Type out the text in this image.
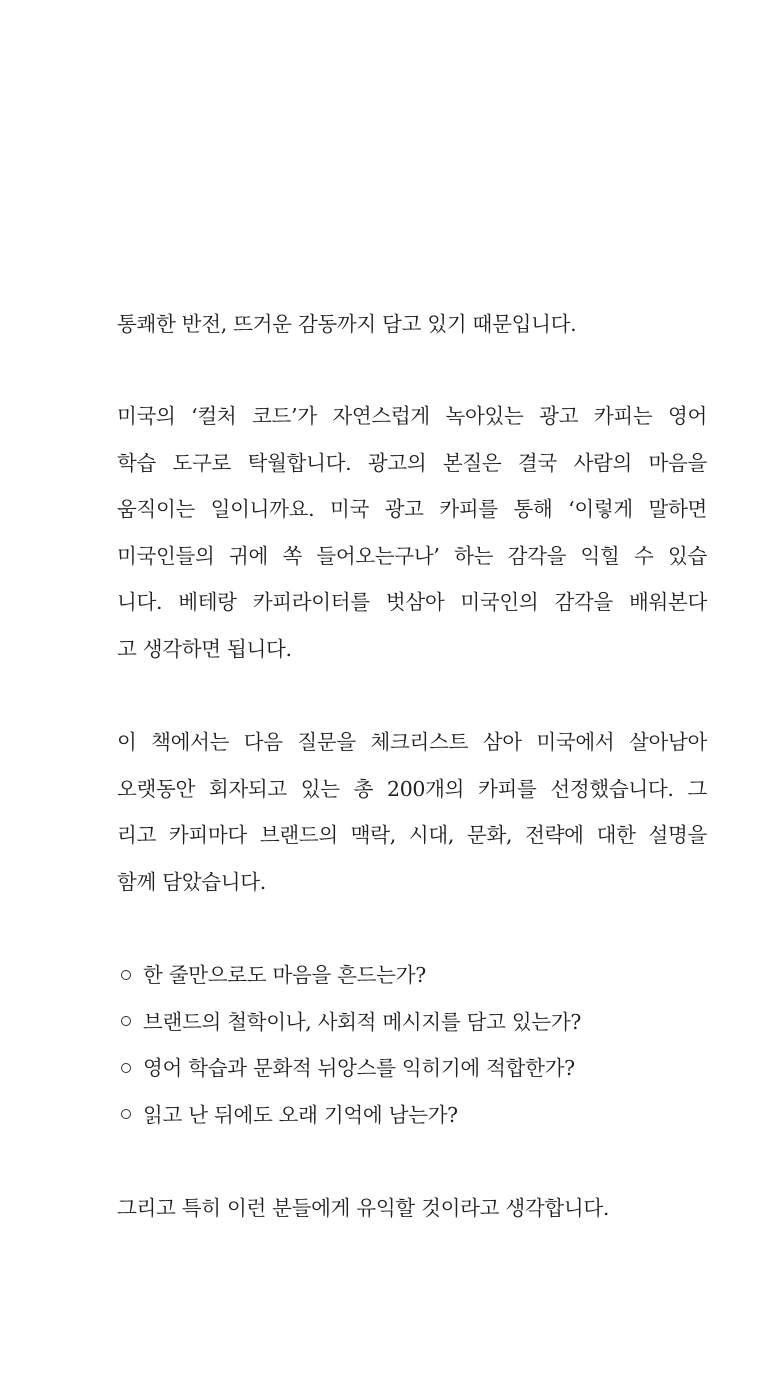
통쾌한 반전, 뜨거운 감동까지 담고 있기 때문입니다.
미국의 ‘컬처 코드’가 자연스럽게 녹아있는 광고 카피는 영어
학습 도구로 탁월합니다. 광고의 본질은 결국 사람의 마음을
움직이는 일이니까요. 미국 광고 카피를 통해 ‘이렇게 말하면
미국인들의 귀에 쏙 들어오는구나’ 하는 감각을 익힐 수 있습
니다. 베테랑 카피라이터를 벗삼아 미국인의 감각을 배워본다
고 생각하면 됩니다.
이 책에서는 다음 질문을 체크리스트 삼아 미국에서 살아남아
오랫동안 회자되고 있는 총 200개의 카피를 선정했습니다. 그
리고 카피마다 브랜드의 맥락, 시대, 문화, 전략에 대한 설명을
함께 담았습니다.
한 줄만으로도 마음을 흔드는가?
브랜드의 철학이나, 사회적 메시지를 담고 있는가?
영어 학습과 문화적 뉘앙스를 익히기에 적합한가?
읽고 난 뒤에도 오래 기억에 남는가?
그리고 특히 이런 분들에게 유익할 것이라고 생각합니다.
